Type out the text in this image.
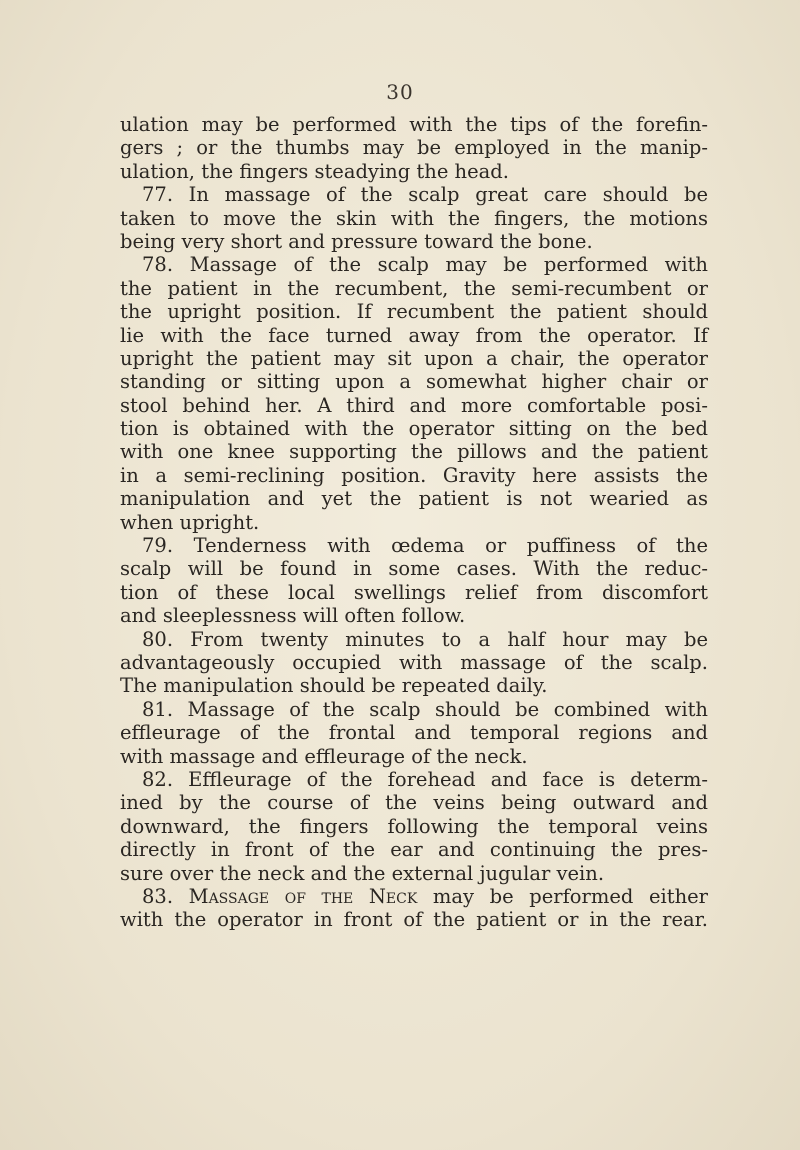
30
ulation may be performed with the tips of the forefin-
gers ; or the thumbs may be employed in the manip-
ulation, the fingers steadying the head.
77. In massage of the scalp great care should be
taken to move the skin with the fingers, the motions
being very short and pressure toward the bone.
78. Massage of the scalp may be performed with
the patient in the recumbent, the semi-recumbent or
the upright position. If recumbent the patient should
lie with the face turned away from the operator. If
upright the patient may sit upon a chair, the operator
standing or sitting upon a somewhat higher chair or
stool behind her. A third and more comfortable posi-
tion is obtained with the operator sitting on the bed
with one knee supporting the pillows and the patient
in a semi-reclining position. Gravity here assists the
manipulation and yet the patient is not wearied as
when upright.
79. Tenderness with œdema or puffiness of the
scalp will be found in some cases. With the reduc-
tion of these local swellings relief from discomfort
and sleeplessness will often follow.
80. From twenty minutes to a half hour may be
advantageously occupied with massage of the scalp.
The manipulation should be repeated daily.
81. Massage of the scalp should be combined with
effleurage of the frontal and temporal regions and
with massage and effleurage of the neck.
82. Effleurage of the forehead and face is determ-
ined by the course of the veins being outward and
downward, the fingers following the temporal veins
directly in front of the ear and continuing the pres-
sure over the neck and the external jugular vein.
83. Massage of the Neck may be performed either
with the operator in front of the patient or in the rear.
